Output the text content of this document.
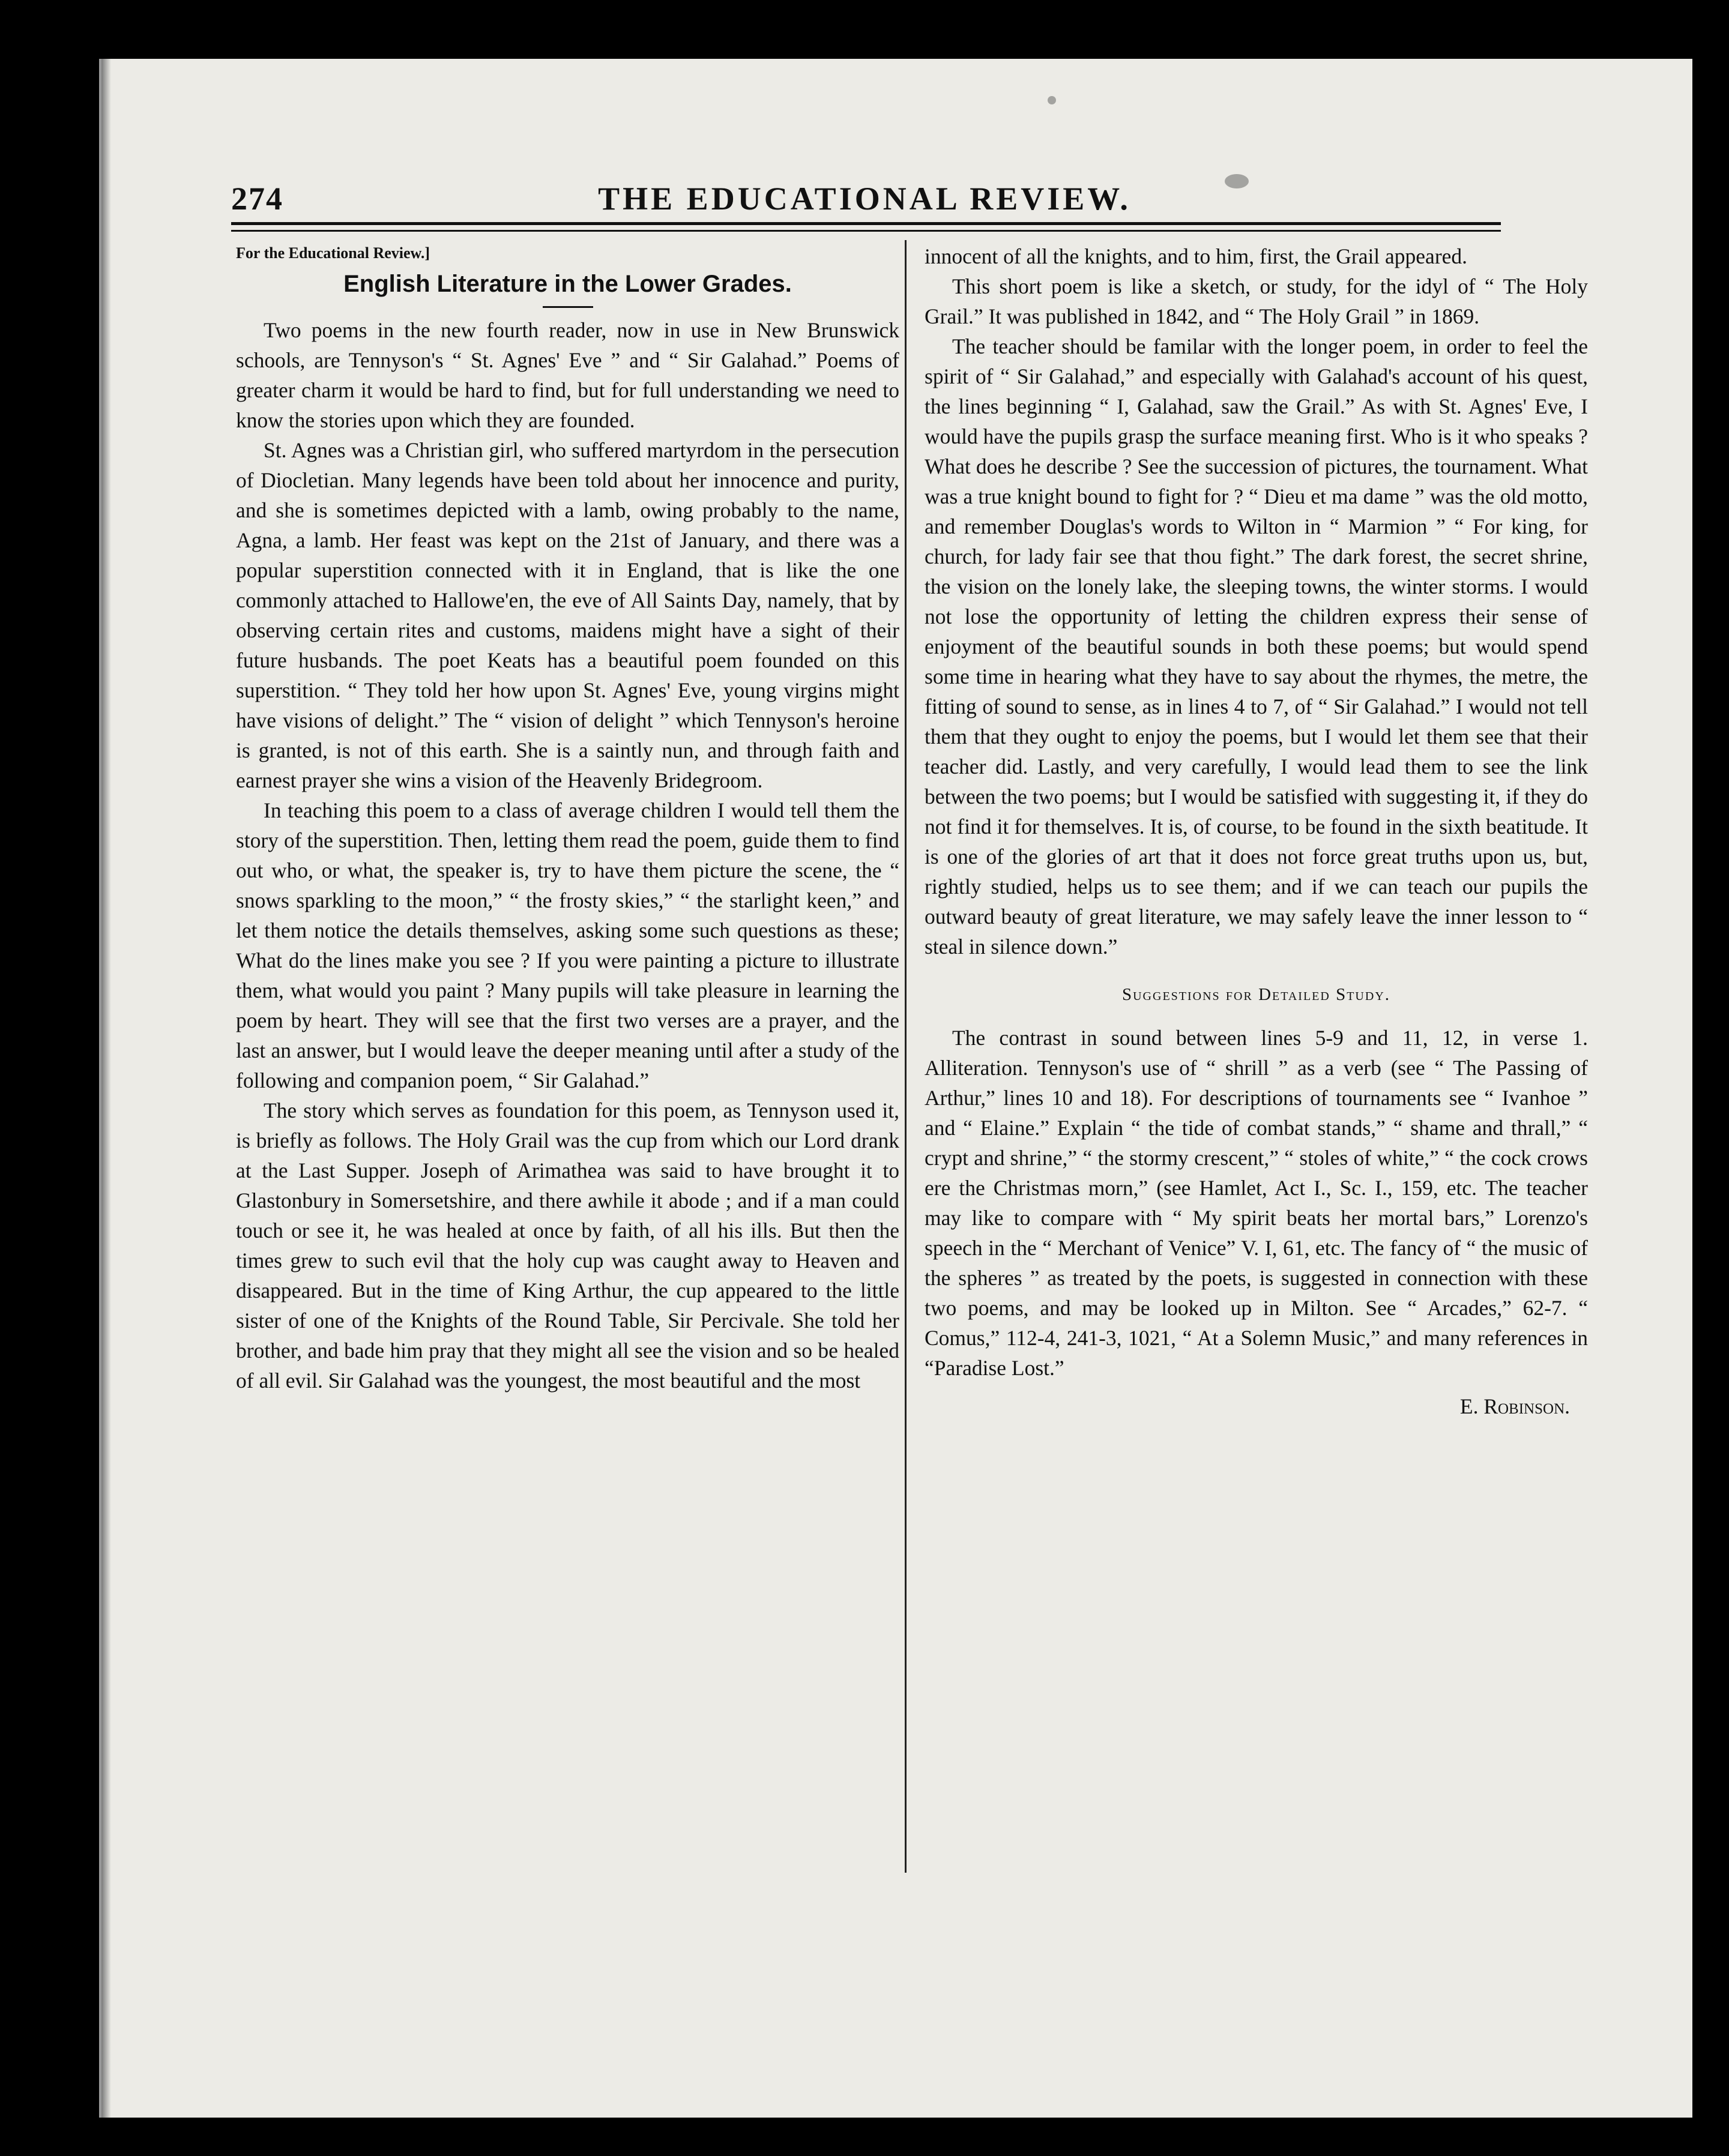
274	THE EDUCATIONAL REVIEW.

For the Educational Review.]

English Literature in the Lower Grades.

Two poems in the new fourth reader, now in use in New Brunswick schools, are Tennyson's “ St. Agnes' Eve ” and “ Sir Galahad.” Poems of greater charm it would be hard to find, but for full understanding we need to know the stories upon which they are founded.

St. Agnes was a Christian girl, who suffered martyrdom in the persecution of Diocletian. Many legends have been told about her innocence and purity, and she is sometimes depicted with a lamb, owing probably to the name, Agna, a lamb. Her feast was kept on the 21st of January, and there was a popular superstition connected with it in England, that is like the one commonly attached to Hallowe'en, the eve of All Saints Day, namely, that by observing certain rites and customs, maidens might have a sight of their future husbands. The poet Keats has a beautiful poem founded on this superstition. “ They told her how upon St. Agnes' Eve, young virgins might have visions of delight.” The “ vision of delight ” which Tennyson's heroine is granted, is not of this earth. She is a saintly nun, and through faith and earnest prayer she wins a vision of the Heavenly Bridegroom.

In teaching this poem to a class of average children I would tell them the story of the superstition. Then, letting them read the poem, guide them to find out who, or what, the speaker is, try to have them picture the scene, the “ snows sparkling to the moon,” “ the frosty skies,” “ the starlight keen,” and let them notice the details themselves, asking some such questions as these; What do the lines make you see ? If you were painting a picture to illustrate them, what would you paint ? Many pupils will take pleasure in learning the poem by heart. They will see that the first two verses are a prayer, and the last an answer, but I would leave the deeper meaning until after a study of the following and companion poem, “ Sir Galahad.”

The story which serves as foundation for this poem, as Tennyson used it, is briefly as follows. The Holy Grail was the cup from which our Lord drank at the Last Supper. Joseph of Arimathea was said to have brought it to Glastonbury in Somersetshire, and there awhile it abode ; and if a man could touch or see it, he was healed at once by faith, of all his ills. But then the times grew to such evil that the holy cup was caught away to Heaven and disappeared. But in the time of King Arthur, the cup appeared to the little sister of one of the Knights of the Round Table, Sir Percivale. She told her brother, and bade him pray that they might all see the vision and so be healed of all evil. Sir Galahad was the youngest, the most beautiful and the most

innocent of all the knights, and to him, first, the Grail appeared.

This short poem is like a sketch, or study, for the idyl of “ The Holy Grail.” It was published in 1842, and “ The Holy Grail ” in 1869.

The teacher should be familar with the longer poem, in order to feel the spirit of “ Sir Galahad,” and especially with Galahad's account of his quest, the lines beginning “ I, Galahad, saw the Grail.” As with St. Agnes' Eve, I would have the pupils grasp the surface meaning first. Who is it who speaks ? What does he describe ? See the succession of pictures, the tournament. What was a true knight bound to fight for ? “ Dieu et ma dame ” was the old motto, and remember Douglas's words to Wilton in “ Marmion ” “ For king, for church, for lady fair see that thou fight.” The dark forest, the secret shrine, the vision on the lonely lake, the sleeping towns, the winter storms. I would not lose the opportunity of letting the children express their sense of enjoyment of the beautiful sounds in both these poems; but would spend some time in hearing what they have to say about the rhymes, the metre, the fitting of sound to sense, as in lines 4 to 7, of “ Sir Galahad.” I would not tell them that they ought to enjoy the poems, but I would let them see that their teacher did. Lastly, and very carefully, I would lead them to see the link between the two poems; but I would be satisfied with suggesting it, if they do not find it for themselves. It is, of course, to be found in the sixth beatitude. It is one of the glories of art that it does not force great truths upon us, but, rightly studied, helps us to see them; and if we can teach our pupils the outward beauty of great literature, we may safely leave the inner lesson to “ steal in silence down.”

Suggestions for Detailed Study.

The contrast in sound between lines 5-9 and 11, 12, in verse 1. Alliteration. Tennyson's use of “ shrill ” as a verb (see “ The Passing of Arthur,” lines 10 and 18). For descriptions of tournaments see “ Ivanhoe ” and “ Elaine.” Explain “ the tide of combat stands,” “ shame and thrall,” “ crypt and shrine,” “ the stormy crescent,” “ stoles of white,” “ the cock crows ere the Christmas morn,” (see Hamlet, Act I., Sc. I., 159, etc. The teacher may like to compare with “ My spirit beats her mortal bars,” Lorenzo's speech in the “ Merchant of Venice” V. I, 61, etc. The fancy of “ the music of the spheres ” as treated by the poets, is suggested in connection with these two poems, and may be looked up in Milton. See “ Arcades,” 62-7. “ Comus,” 112-4, 241-3, 1021, “ At a Solemn Music,” and many references in “Paradise Lost.”

E. Robinson.
